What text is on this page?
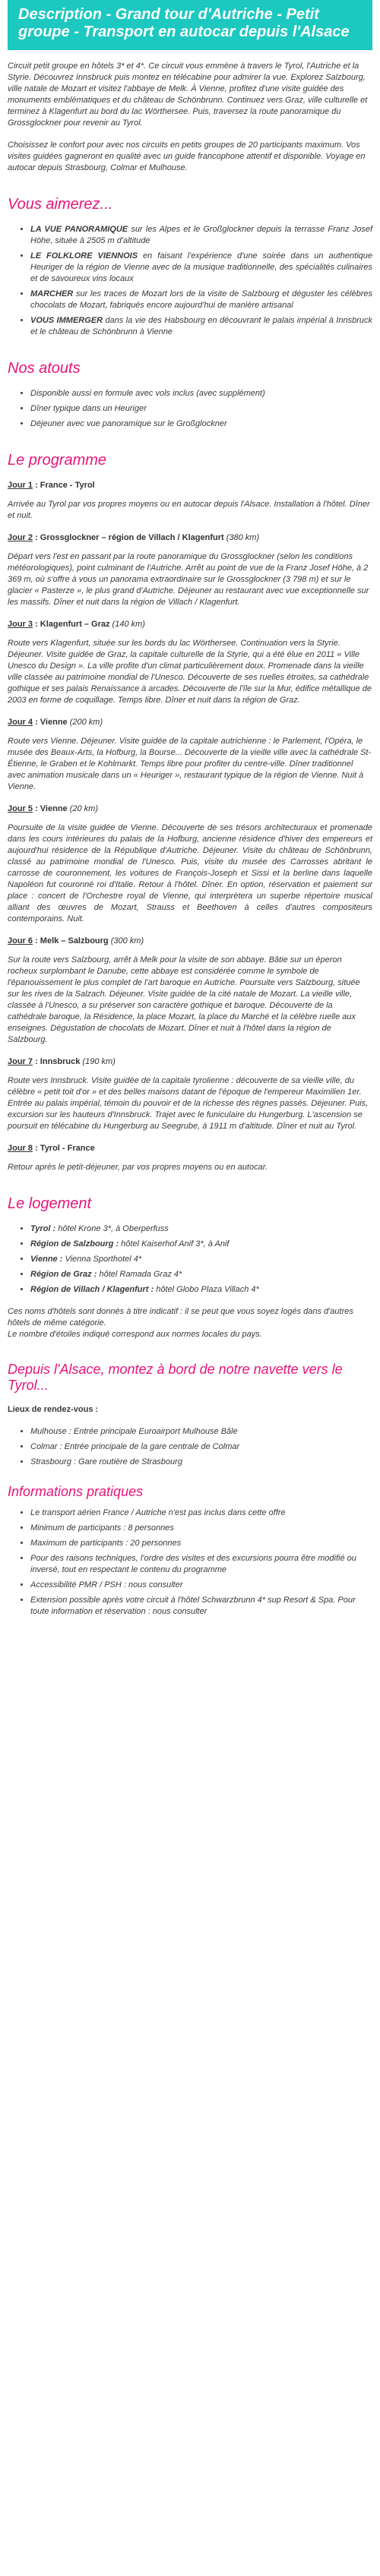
Description - Grand tour d'Autriche - Petit groupe - Transport en autocar depuis l'Alsace

Circuit petit groupe en hôtels 3* et 4*. Ce circuit vous emmène à travers le Tyrol, l'Autriche et la Styrie. Découvrez Innsbruck puis montez en télécabine pour admirer la vue. Explorez Salzbourg, ville natale de Mozart et visitez l'abbaye de Melk. À Vienne, profitez d'une visite guidée des monuments emblématiques et du château de Schönbrunn. Continuez vers Graz, ville culturelle et terminez à Klagenfurt au bord du lac Wörthersee. Puis, traversez la route panoramique du Grossglockner pour revenir au Tyrol.

Choisissez le confort pour avec nos circuits en petits groupes de 20 participants maximum. Vos visites guidées gagneront en qualité avec un guide francophone attentif et disponible. Voyage en autocar depuis Strasbourg, Colmar et Mulhouse.

Vous aimerez...
• LA VUE PANORAMIQUE sur les Alpes et le Großglockner depuis la terrasse Franz Josef Höhe, située à 2505 m d'altitude
• LE FOLKLORE VIENNOIS en faisant l'expérience d'une soirée dans un authentique Heuriger de la région de Vienne avec de la musique traditionnelle, des spécialités culinaires et de savoureux vins locaux
• MARCHER sur les traces de Mozart lors de la visite de Salzbourg et déguster les célèbres chocolats de Mozart, fabriqués encore aujourd'hui de manière artisanal
• VOUS IMMERGER dans la vie des Habsbourg en découvrant le palais impérial à Innsbruck et le château de Schönbrunn à Vienne
Nos atouts
• Disponible aussi en formule avec vols inclus (avec supplément)
• Dîner typique dans un Heuriger
• Déjeuner avec vue panoramique sur le Großglockner
Le programme
Jour 1 : France - Tyrol

Arrivée au Tyrol par vos propres moyens ou en autocar depuis l'Alsace. Installation à l'hôtel. Dîner et nuit.

Jour 2 : Grossglockner – région de Villach / Klagenfurt (380 km)

Départ vers l'est en passant par la route panoramique du Grossglockner (selon les conditions météorologiques), point culminant de l'Autriche. Arrêt au point de vue de la Franz Josef Höhe, à 2 369 m, où s'offre à vous un panorama extraordinaire sur le Grossglockner (3 798 m) et sur le glacier « Pasterze », le plus grand d'Autriche. Déjeuner au restaurant avec vue exceptionnelle sur les massifs. Dîner et nuit dans la région de Villach / Klagenfurt.

Jour 3 : Klagenfurt – Graz (140 km)

Route vers Klagenfurt, située sur les bords du lac Wörthersee. Continuation vers la Styrie. Déjeuner. Visite guidée de Graz, la capitale culturelle de la Styrie, qui a été élue en 2011 « Ville Unesco du Design ». La ville profite d'un climat particulièrement doux. Promenade dans la vieille ville classée au patrimoine mondial de l'Unesco. Découverte de ses ruelles étroites, sa cathédrale gothique et ses palais Renaissance à arcades. Découverte de l'île sur la Mur, édifice métallique de 2003 en forme de coquillage. Temps libre. Dîner et nuit dans la région de Graz.

Jour 4 : Vienne (200 km)

Route vers Vienne. Déjeuner. Visite guidée de la capitale autrichienne : le Parlement, l'Opéra, le musée des Beaux-Arts, la Hofburg, la Bourse... Découverte de la vieille ville avec la cathédrale St-Étienne, le Graben et le Kohlmarkt. Temps libre pour profiter du centre-ville. Dîner traditionnel avec animation musicale dans un « Heuriger », restaurant typique de la région de Vienne. Nuit à Vienne.

Jour 5 : Vienne (20 km)

Poursuite de la visite guidée de Vienne. Découverte de ses trésors architecturaux et promenade dans les cours intérieures du palais de la Hofburg, ancienne résidence d'hiver des empereurs et aujourd'hui résidence de la République d'Autriche. Déjeuner. Visite du château de Schönbrunn, classé au patrimoine mondial de l'Unesco. Puis, visite du musée des Carrosses abritant le carrosse de couronnement, les voitures de François-Joseph et Sissi et la berline dans laquelle Napoléon fut couronné roi d'Italie. Retour à l'hôtel. Dîner. En option, réservation et paiement sur place : concert de l'Orchestre royal de Vienne, qui interprètera un superbe répertoire musical alliant des œuvres de Mozart, Strauss et Beethoven à celles d'autres compositeurs contemporains. Nuit.

Jour 6 : Melk – Salzbourg (300 km)

Sur la route vers Salzbourg, arrêt à Melk pour la visite de son abbaye. Bâtie sur un éperon rocheux surplombant le Danube, cette abbaye est considérée comme le symbole de l'épanouissement le plus complet de l'art baroque en Autriche. Poursuite vers Salzbourg, située sur les rives de la Salzach. Déjeuner. Visite guidée de la cité natale de Mozart. La vieille ville, classée à l'Unesco, a su préserver son caractère gothique et baroque. Découverte de la cathédrale baroque, la Résidence, la place Mozart, la place du Marché et la célèbre ruelle aux enseignes. Dégustation de chocolats de Mozart. Dîner et nuit à l'hôtel dans la région de Salzbourg.

Jour 7 : Innsbruck (190 km)

Route vers Innsbruck. Visite guidée de la capitale tyrolienne : découverte de sa vieille ville, du célèbre « petit toit d'or » et des belles maisons datant de l'époque de l'empereur Maximilien 1er. Entrée au palais impérial, témoin du pouvoir et de la richesse des règnes passés. Déjeuner. Puis, excursion sur les hauteurs d'Innsbruck. Trajet avec le funiculaire du Hungerburg. L'ascension se poursuit en télécabine du Hungerburg au Seegrube, à 1911 m d'altitude. Dîner et nuit au Tyrol.

Jour 8 : Tyrol - France

Retour après le petit-déjeuner, par vos propres moyens ou en autocar.

Le logement
• Tyrol : hôtel Krone 3*, à Oberperfuss
• Région de Salzbourg : hôtel Kaiserhof Anif 3*, à Anif
• Vienne : Vienna Sporthotel 4*
• Région de Graz : hôtel Ramada Graz 4*
• Région de Villach / Klagenfurt : hôtel Globo Plaza Villach 4*

Ces noms d'hôtels sont donnés à titre indicatif : il se peut que vous soyez logés dans d'autres hôtels de même catégorie.

Le nombre d'étoiles indiqué correspond aux normes locales du pays.

Depuis l'Alsace, montez à bord de notre navette vers le Tyrol...

Lieux de rendez-vous :

• Mulhouse : Entrée principale Euroairport Mulhouse Bâle
• Colmar : Entrée principale de la gare centrale de Colmar
• Strasbourg : Gare routière de Strasbourg
Informations pratiques
• Le transport aérien France / Autriche n'est pas inclus dans cette offre
• Minimum de participants : 8 personnes
• Maximum de participants : 20 personnes
• Pour des raisons techniques, l'ordre des visites et des excursions pourra être modifié ou inversé, tout en respectant le contenu du programme
• Accessibilité PMR / PSH : nous consulter
• Extension possible après votre circuit à l'hôtel Schwarzbrunn 4* sup Resort & Spa. Pour toute information et réservation : nous consulter
